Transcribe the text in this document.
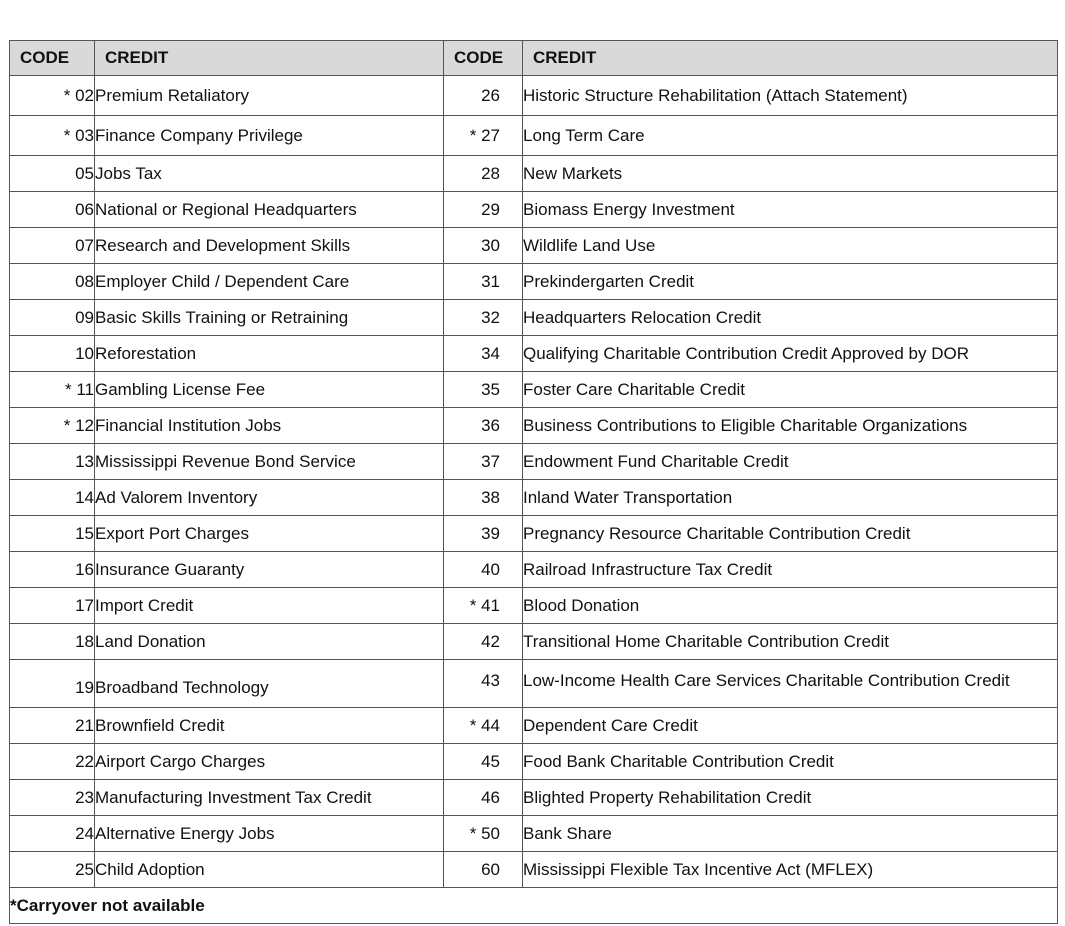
CODE	CREDIT	CODE	CREDIT
* 02	Premium Retaliatory	26	Historic Structure Rehabilitation (Attach Statement)
* 03	Finance Company Privilege	* 27	Long Term Care
05	Jobs Tax	28	New Markets
06	National or Regional Headquarters	29	Biomass Energy Investment
07	Research and Development Skills	30	Wildlife Land Use
08	Employer Child / Dependent Care	31	Prekindergarten Credit
09	Basic Skills Training or Retraining	32	Headquarters Relocation Credit
10	Reforestation	34	Qualifying Charitable Contribution Credit Approved by DOR
* 11	Gambling License Fee	35	Foster Care Charitable Credit
* 12	Financial Institution Jobs	36	Business Contributions to Eligible Charitable Organizations
13	Mississippi Revenue Bond Service	37	Endowment Fund Charitable Credit
14	Ad Valorem Inventory	38	Inland Water Transportation
15	Export Port Charges	39	Pregnancy Resource Charitable Contribution Credit
16	Insurance Guaranty	40	Railroad Infrastructure Tax Credit
17	Import Credit	* 41	Blood Donation
18	Land Donation	42	Transitional Home Charitable Contribution Credit
19	Broadband Technology	43	Low-Income Health Care Services Charitable Contribution Credit
21	Brownfield Credit	* 44	Dependent Care Credit
22	Airport Cargo Charges	45	Food Bank Charitable Contribution Credit
23	Manufacturing Investment Tax Credit	46	Blighted Property Rehabilitation Credit
24	Alternative Energy Jobs	* 50	Bank Share
25	Child Adoption	60	Mississippi Flexible Tax Incentive Act (MFLEX)
*Carryover not available			
